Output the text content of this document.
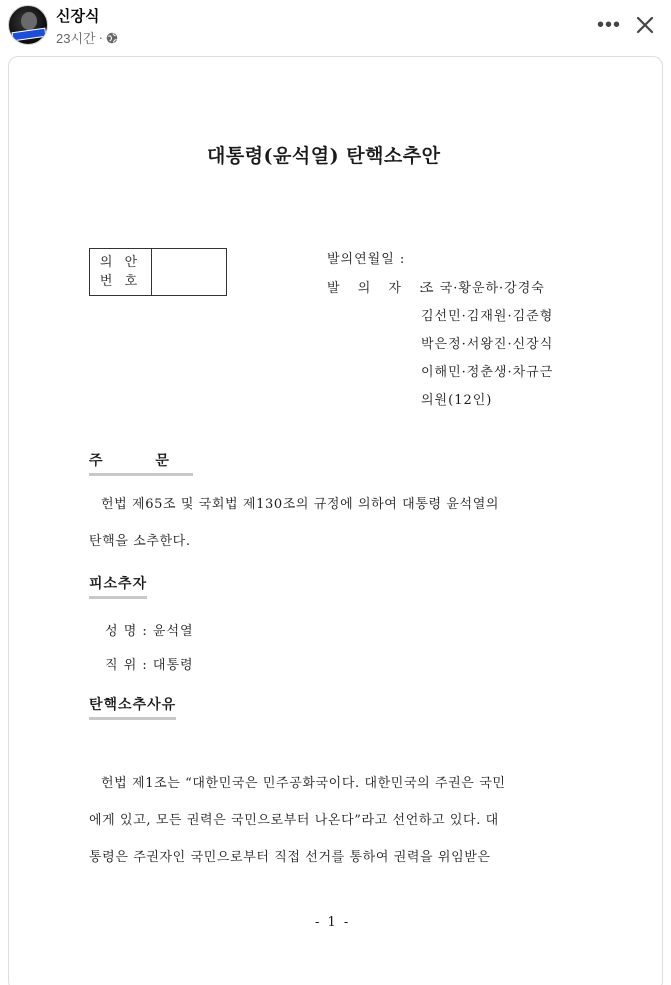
신장식
23시간 ·
•••
대통령(윤석열) 탄핵소추안
의 안
번 호
발의연월일 :
발 의 자 :
조 국·황운하·강경숙
김선민·김재원·김준형
박은정·서왕진·신장식
이해민·정춘생·차규근
의원(12인)
주 문
헌법 제65조 및 국회법 제130조의 규정에 의하여 대통령 윤석열의
탄핵을 소추한다.
피소추자
성 명 : 윤석열
직 위 : 대통령
탄핵소추사유
헌법 제1조는 “대한민국은 민주공화국이다. 대한민국의 주권은 국민
에게 있고, 모든 권력은 국민으로부터 나온다”라고 선언하고 있다. 대
통령은 주권자인 국민으로부터 직접 선거를 통하여 권력을 위임받은
- 1 -
